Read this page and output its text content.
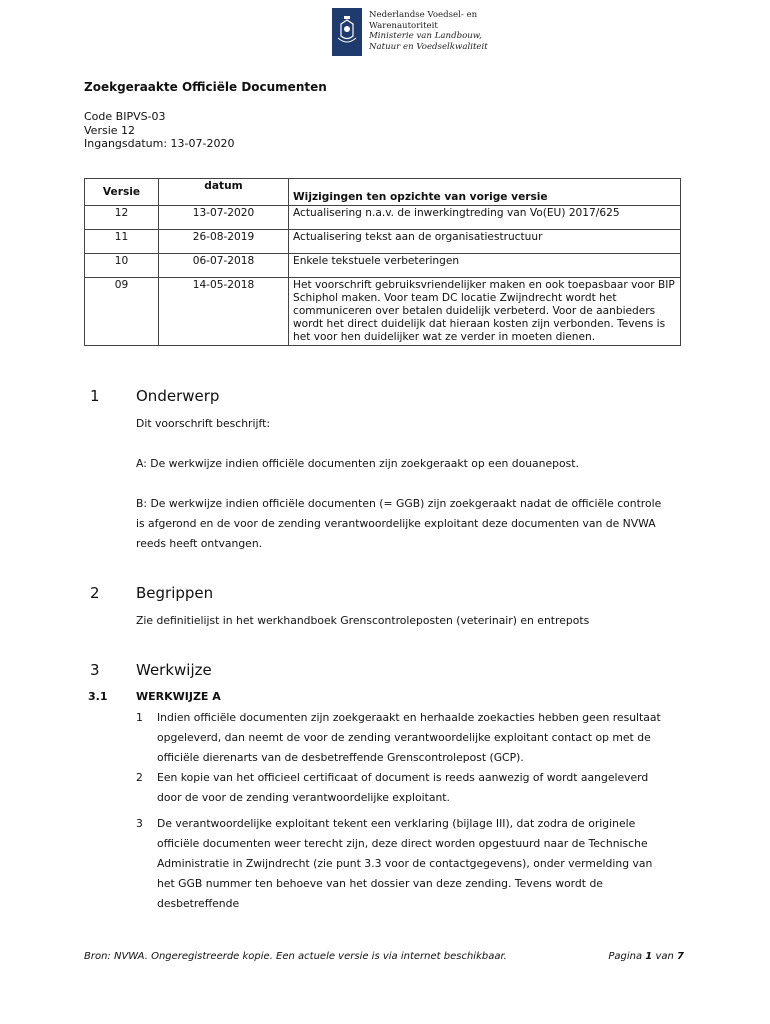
Nederlandse Voedsel- en
Warenautoriteit
Ministerie van Landbouw,
Natuur en Voedselkwaliteit
Zoekgeraakte Officiële Documenten
Code BIPVS-03
Versie 12
Ingangsdatum: 13-07-2020
Versie	datum	Wijzigingen ten opzichte van vorige versie
12	13-07-2020	Actualisering n.a.v. de inwerkingtreding van Vo(EU) 2017/625
11	26-08-2019	Actualisering tekst aan de organisatiestructuur
10	06-07-2018	Enkele tekstuele verbeteringen
09	14-05-2018	Het voorschrift gebruiksvriendelijker maken en ook toepasbaar voor BIP Schiphol maken. Voor team DC locatie Zwijndrecht wordt het communiceren over betalen duidelijk verbeterd. Voor de aanbieders wordt het direct duidelijk dat hieraan kosten zijn verbonden. Tevens is het voor hen duidelijker wat ze verder in moeten dienen.
1 Onderwerp
Dit voorschrift beschrijft:
A: De werkwijze indien officiële documenten zijn zoekgeraakt op een douanepost.
B: De werkwijze indien officiële documenten (= GGB) zijn zoekgeraakt nadat de officiële controle is afgerond en de voor de zending verantwoordelijke exploitant deze documenten van de NVWA reeds heeft ontvangen.
2 Begrippen
Zie definitielijst in het werkhandboek Grenscontroleposten (veterinair) en entrepots
3 Werkwijze
3.1	WERKWIJZE A
1 Indien officiële documenten zijn zoekgeraakt en herhaalde zoekacties hebben geen resultaat opgeleverd, dan neemt de voor de zending verantwoordelijke exploitant contact op met de officiële dierenarts van de desbetreffende Grenscontrolepost (GCP).
2 Een kopie van het officieel certificaat of document is reeds aanwezig of wordt aangeleverd door de voor de zending verantwoordelijke exploitant.
3 De verantwoordelijke exploitant tekent een verklaring (bijlage III), dat zodra de originele officiële documenten weer terecht zijn, deze direct worden opgestuurd naar de Technische Administratie in Zwijndrecht (zie punt 3.3 voor de contactgegevens), onder vermelding van het GGB nummer ten behoeve van het dossier van deze zending. Tevens wordt de desbetreffende
Bron: NVWA. Ongeregistreerde kopie. Een actuele versie is via internet beschikbaar.	Pagina 1 van 7
